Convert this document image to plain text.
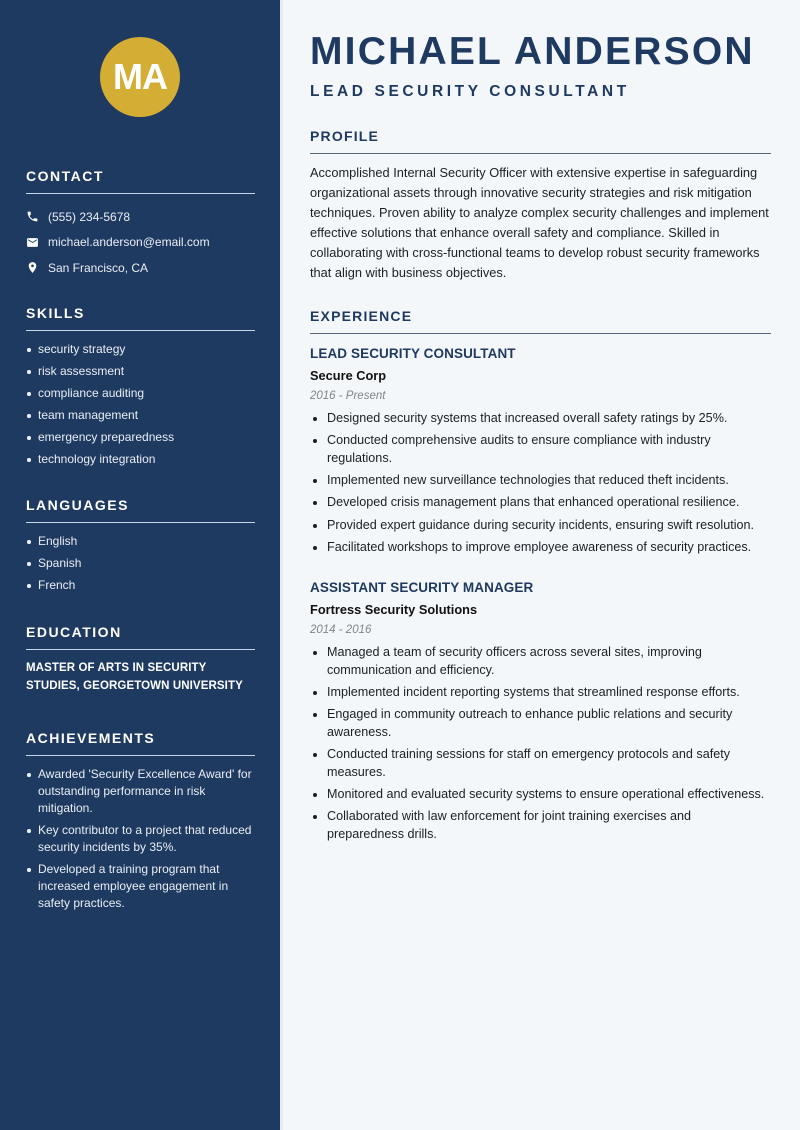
MA
CONTACT
(555) 234-5678
michael.anderson@email.com
San Francisco, CA
SKILLS
security strategy
risk assessment
compliance auditing
team management
emergency preparedness
technology integration
LANGUAGES
English
Spanish
French
EDUCATION

MASTER OF ARTS IN SECURITY STUDIES, GEORGETOWN UNIVERSITY

ACHIEVEMENTS
Awarded 'Security Excellence Award' for outstanding performance in risk mitigation.
Key contributor to a project that reduced security incidents by 35%.
Developed a training program that increased employee engagement in safety practices.
MICHAEL ANDERSON
LEAD SECURITY CONSULTANT
PROFILE

Accomplished Internal Security Officer with extensive expertise in safeguarding organizational assets through innovative security strategies and risk mitigation techniques. Proven ability to analyze complex security challenges and implement effective solutions that enhance overall safety and compliance. Skilled in collaborating with cross-functional teams to develop robust security frameworks that align with business objectives.

EXPERIENCE
LEAD SECURITY CONSULTANT
Secure Corp
2016 - Present
Designed security systems that increased overall safety ratings by 25%.
Conducted comprehensive audits to ensure compliance with industry regulations.
Implemented new surveillance technologies that reduced theft incidents.
Developed crisis management plans that enhanced operational resilience.
Provided expert guidance during security incidents, ensuring swift resolution.
Facilitated workshops to improve employee awareness of security practices.
ASSISTANT SECURITY MANAGER
Fortress Security Solutions
2014 - 2016
Managed a team of security officers across several sites, improving communication and efficiency.
Implemented incident reporting systems that streamlined response efforts.
Engaged in community outreach to enhance public relations and security awareness.
Conducted training sessions for staff on emergency protocols and safety measures.
Monitored and evaluated security systems to ensure operational effectiveness.
Collaborated with law enforcement for joint training exercises and preparedness drills.
